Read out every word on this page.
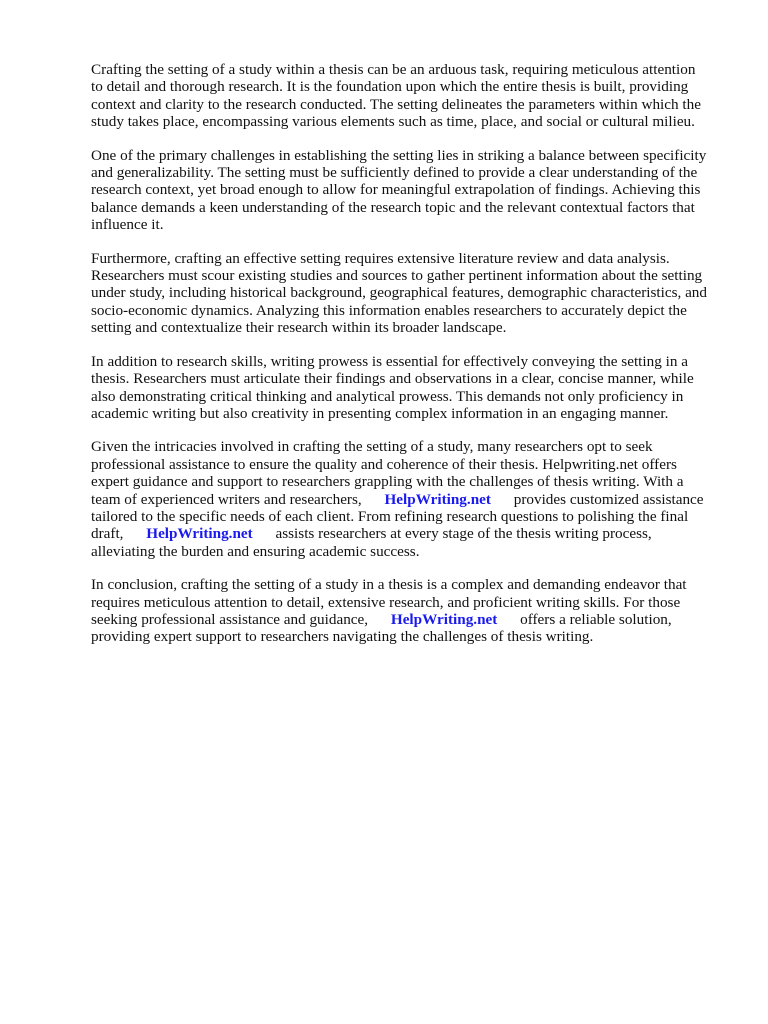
Crafting the setting of a study within a thesis can be an arduous task, requiring meticulous attention
to detail and thorough research. It is the foundation upon which the entire thesis is built, providing
context and clarity to the research conducted. The setting delineates the parameters within which the
study takes place, encompassing various elements such as time, place, and social or cultural milieu.

One of the primary challenges in establishing the setting lies in striking a balance between specificity
and generalizability. The setting must be sufficiently defined to provide a clear understanding of the
research context, yet broad enough to allow for meaningful extrapolation of findings. Achieving this
balance demands a keen understanding of the research topic and the relevant contextual factors that
influence it.

Furthermore, crafting an effective setting requires extensive literature review and data analysis.
Researchers must scour existing studies and sources to gather pertinent information about the setting
under study, including historical background, geographical features, demographic characteristics, and
socio-economic dynamics. Analyzing this information enables researchers to accurately depict the
setting and contextualize their research within its broader landscape.

In addition to research skills, writing prowess is essential for effectively conveying the setting in a
thesis. Researchers must articulate their findings and observations in a clear, concise manner, while
also demonstrating critical thinking and analytical prowess. This demands not only proficiency in
academic writing but also creativity in presenting complex information in an engaging manner.

Given the intricacies involved in crafting the setting of a study, many researchers opt to seek
professional assistance to ensure the quality and coherence of their thesis. Helpwriting.net offers
expert guidance and support to researchers grappling with the challenges of thesis writing. With a
team of experienced writers and researchers,      HelpWriting.net      provides customized assistance
tailored to the specific needs of each client. From refining research questions to polishing the final
draft,      HelpWriting.net      assists researchers at every stage of the thesis writing process,
alleviating the burden and ensuring academic success.

In conclusion, crafting the setting of a study in a thesis is a complex and demanding endeavor that
requires meticulous attention to detail, extensive research, and proficient writing skills. For those
seeking professional assistance and guidance,      HelpWriting.net      offers a reliable solution,
providing expert support to researchers navigating the challenges of thesis writing.
